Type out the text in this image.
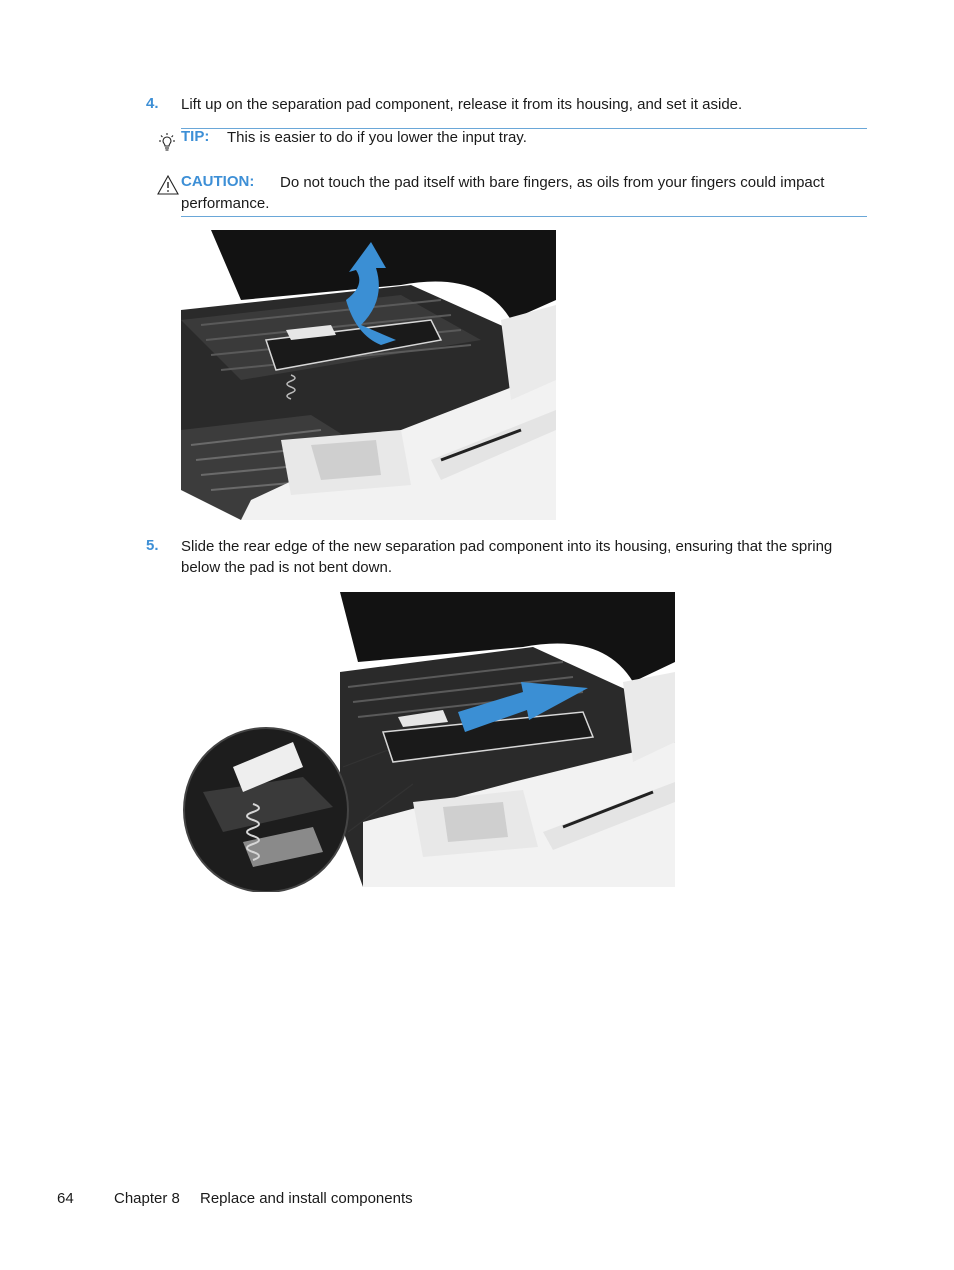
4. Lift up on the separation pad component, release it from its housing, and set it aside.
TIP: This is easier to do if you lower the input tray.
CAUTION: Do not touch the pad itself with bare fingers, as oils from your fingers could impact
performance.
5. Slide the rear edge of the new separation pad component into its housing, ensuring that the spring
below the pad is not bent down.
64	Chapter 8 Replace and install components
